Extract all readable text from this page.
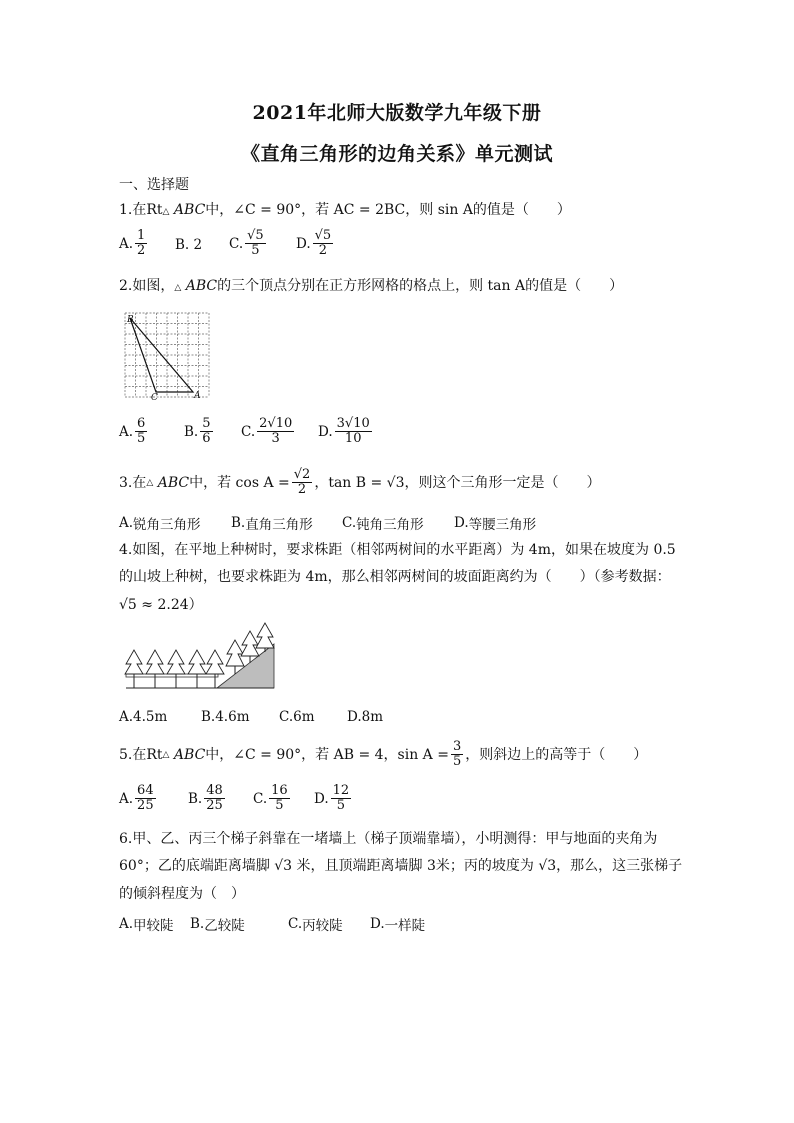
2021年北师大版数学九年级下册
《直角三角形的边角关系》单元测试
一、选择题
1.在Rt△ ABC中，∠C = 90°，若 AC = 2BC，则 sin A的值是（　　）
A. $\frac{1}{2} B$.
2 C. $\frac{√5}{5} D$. $\frac{√5}{2}$
2.如图，△ ABC的三个顶点分别在正方形网格的格点上，则 tan A的值是（　　）
B
C	A
A. $\frac{6}{5}$	B. $\frac{5}{6} C$. $\frac{2√10}{3} D$. $\frac{3√10}{10}$
3.在 △
ABC 中，若 $\cos A = \frac{√2}{2}$ ，tan B = √3，则这个三角形一定是（　　）
A. 锐角三角形 B. 直角三角形 C. 钝角三角形 D. 等腰三角形
4.如图，在平地上种树时，要求株距（相邻两树间的水平距离）为 4m，如果在坡度为 0.5
的山坡上种树，也要求株距为 4m，那么相邻两树间的坡面距离约为（　　）（参考数据：
√5 ≈ 2.24）
A. 4.5m B. 4.6m C. 6m D. 8m
5.在Rt △
ABC 中，∠C = 90°，若 AB = 4，$\sin A = \frac{3}{5}$ ，则斜边上的高等于（　　）
A. $\frac{64}{25} B$. $\frac{48}{25} C$. $\frac{16}{5} D$. $\frac{12}{5}$
6.甲、乙、丙三个梯子斜靠在一堵墙上（梯子顶端靠墙），小明测得：甲与地面的夹角为
60°；乙的底端距离墙脚 √3 米，且顶端距离墙脚 3米；丙的坡度为 √3，那么，这三张梯子
的倾斜程度为（　）
A. 甲较陡 B. 乙较陡	C. 丙较陡 D. 一样陡
